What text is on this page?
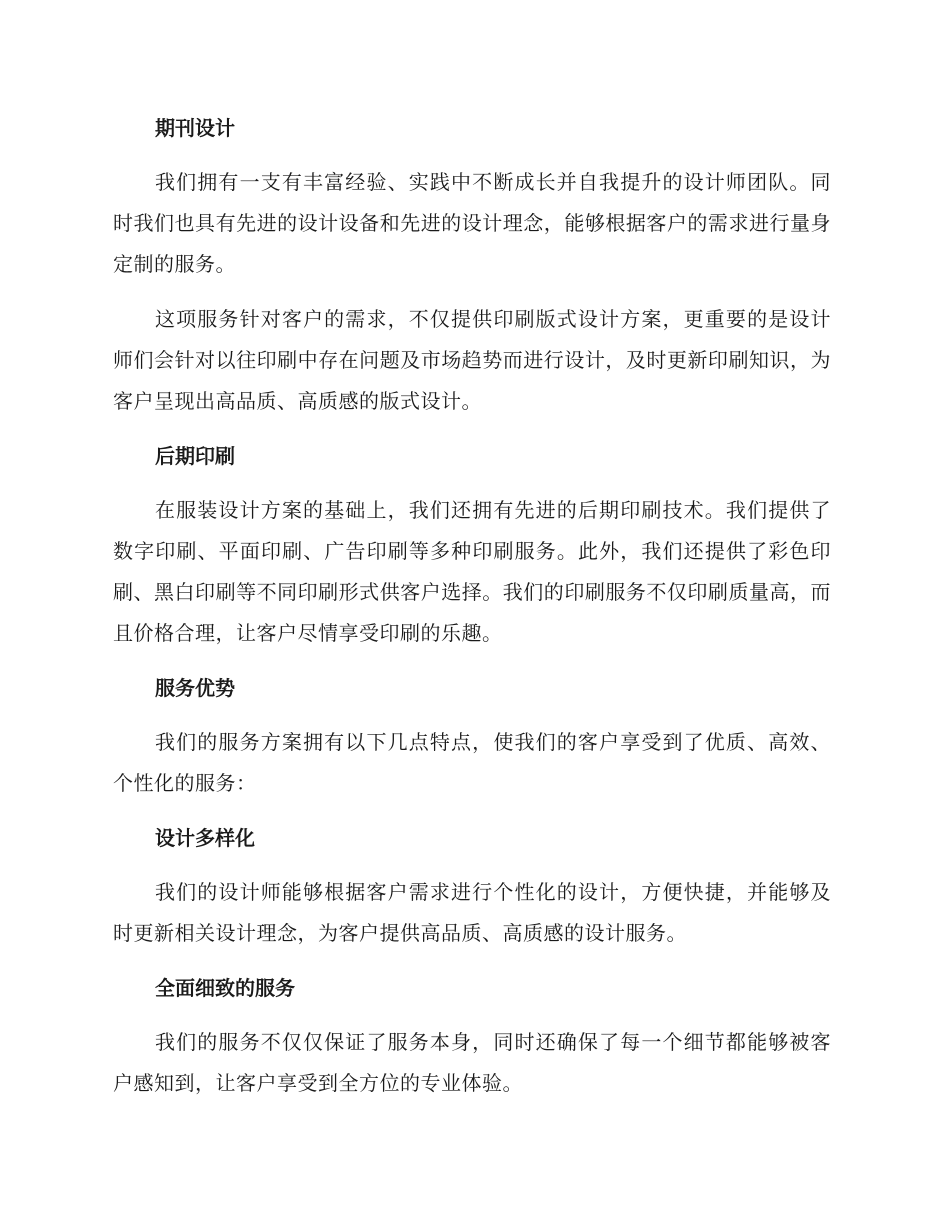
期刊设计

我们拥有一支有丰富经验、实践中不断成长并自我提升的设计师团队。同时我们也具有先进的设计设备和先进的设计理念，能够根据客户的需求进行量身定制的服务。

这项服务针对客户的需求，不仅提供印刷版式设计方案，更重要的是设计师们会针对以往印刷中存在问题及市场趋势而进行设计，及时更新印刷知识，为客户呈现出高品质、高质感的版式设计。

后期印刷

在服装设计方案的基础上，我们还拥有先进的后期印刷技术。我们提供了数字印刷、平面印刷、广告印刷等多种印刷服务。此外，我们还提供了彩色印刷、黑白印刷等不同印刷形式供客户选择。我们的印刷服务不仅印刷质量高，而且价格合理，让客户尽情享受印刷的乐趣。

服务优势

我们的服务方案拥有以下几点特点，使我们的客户享受到了优质、高效、个性化的服务：

设计多样化

我们的设计师能够根据客户需求进行个性化的设计，方便快捷，并能够及时更新相关设计理念，为客户提供高品质、高质感的设计服务。

全面细致的服务

我们的服务不仅仅保证了服务本身，同时还确保了每一个细节都能够被客户感知到，让客户享受到全方位的专业体验。
